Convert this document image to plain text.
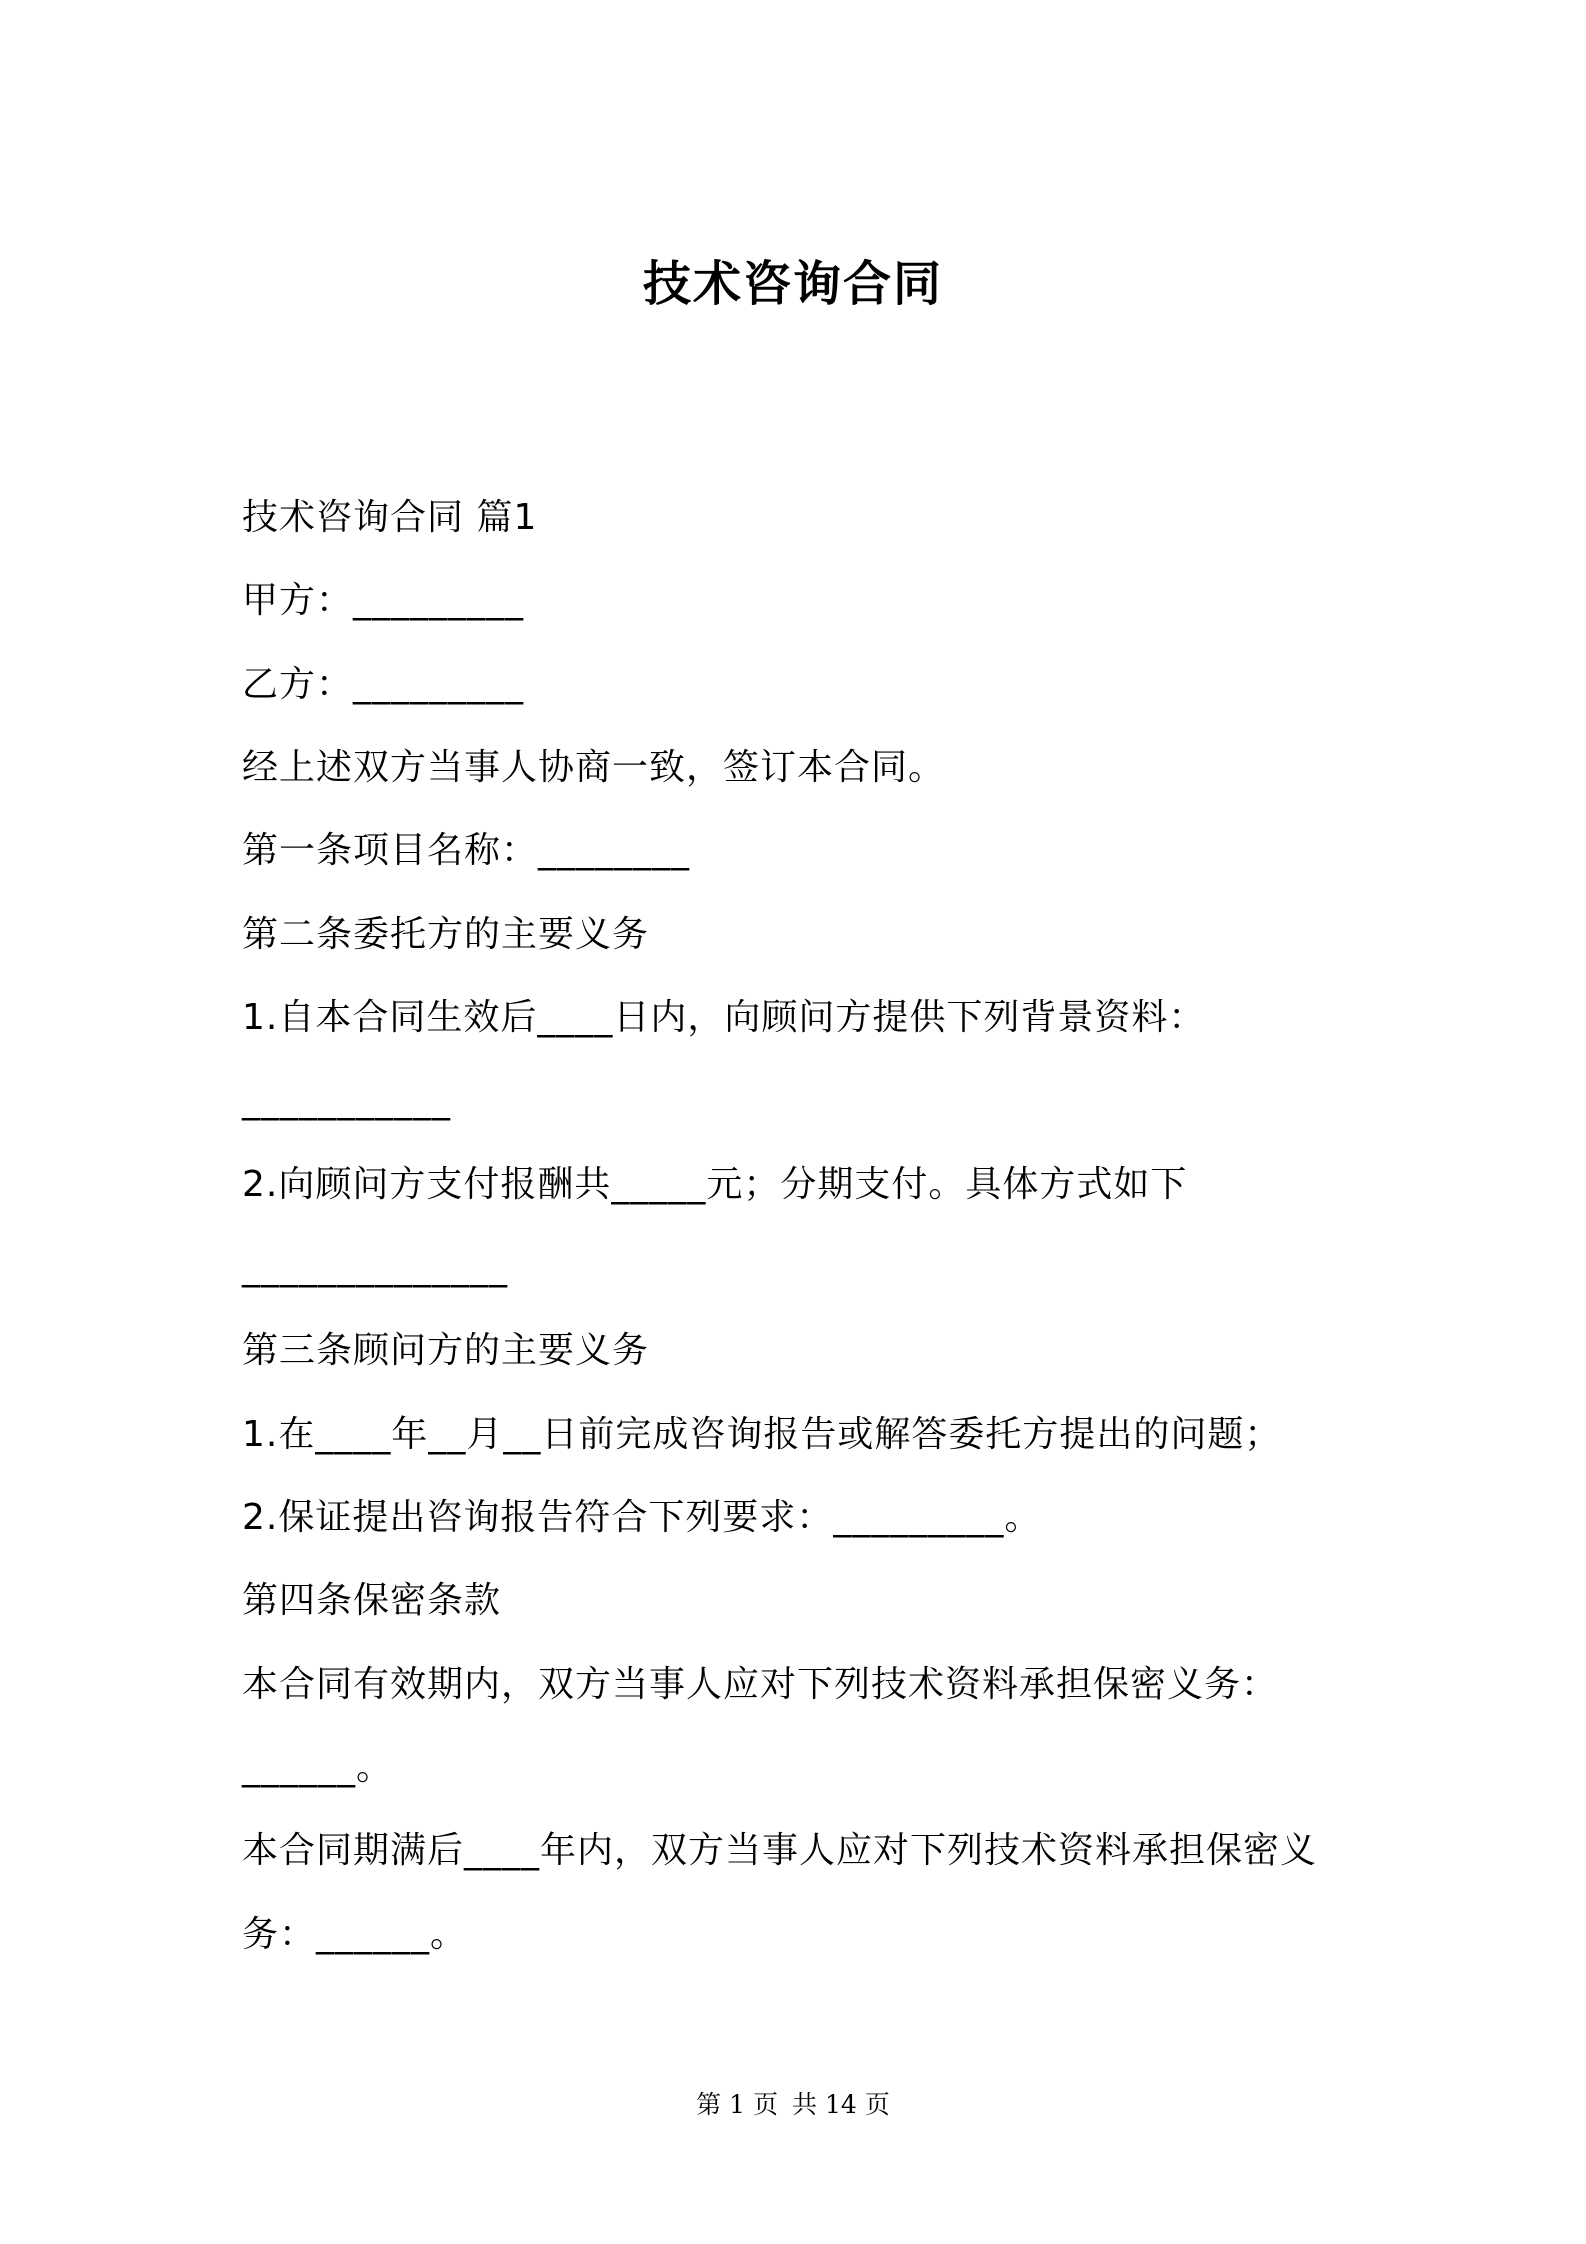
技术咨询合同
技术咨询合同 篇1
甲方：_________
乙方：_________
经上述双方当事人协商一致，签订本合同。
第一条项目名称：________
第二条委托方的主要义务
1.自本合同生效后____日内，向顾问方提供下列背景资料：
___________
2.向顾问方支付报酬共_____元；分期支付。具体方式如下
______________
第三条顾问方的主要义务
1.在____年__月__日前完成咨询报告或解答委托方提出的问题；
2.保证提出咨询报告符合下列要求：_________。
第四条保密条款
本合同有效期内，双方当事人应对下列技术资料承担保密义务：
______。
本合同期满后____年内，双方当事人应对下列技术资料承担保密义
务：______。
第 1 页 共 14 页
